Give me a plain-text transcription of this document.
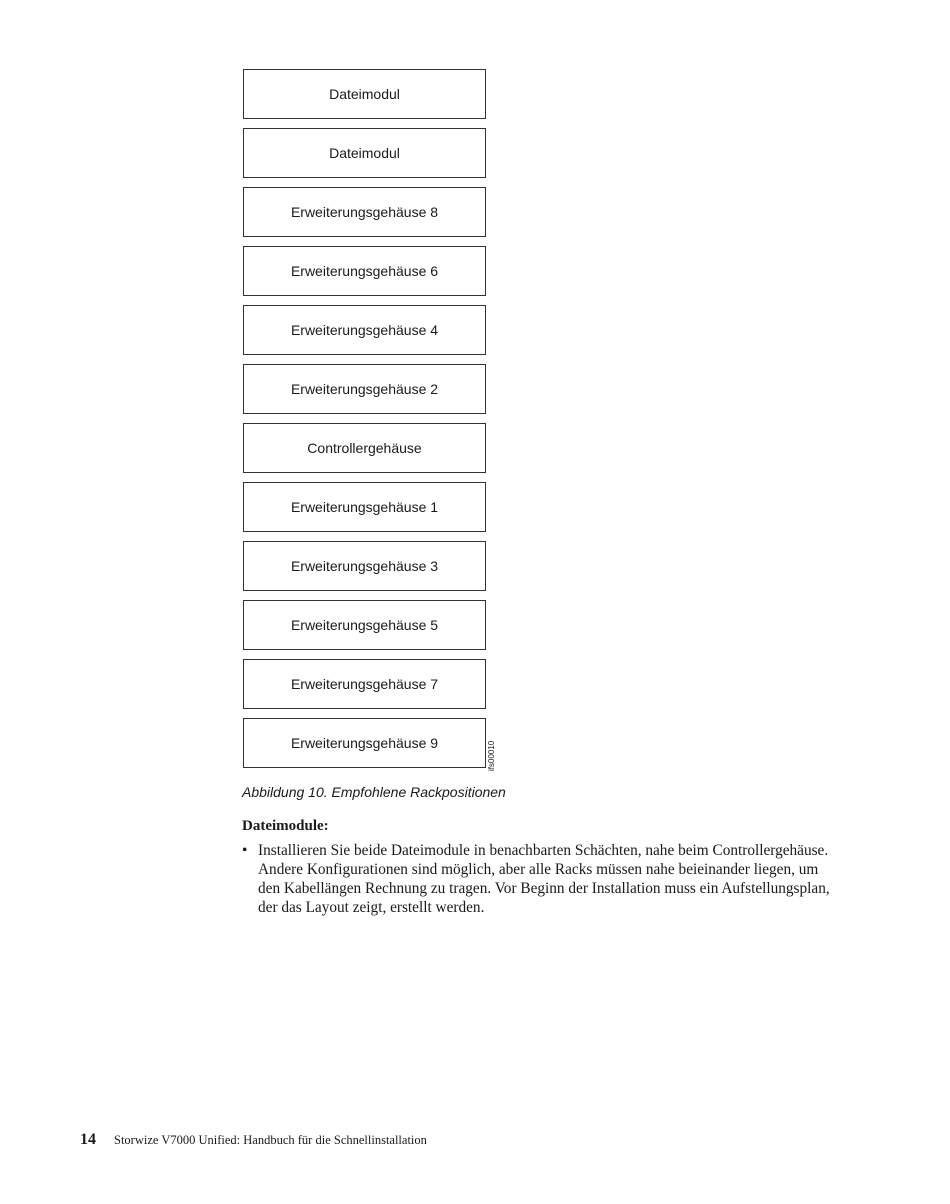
Dateimodul
Dateimodul
Erweiterungsgehäuse 8
Erweiterungsgehäuse 6
Erweiterungsgehäuse 4
Erweiterungsgehäuse 2
Controllergehäuse
Erweiterungsgehäuse 1
Erweiterungsgehäuse 3
Erweiterungsgehäuse 5
Erweiterungsgehäuse 7
Erweiterungsgehäuse 9	ifs00010
Abbildung 10. Empfohlene Rackpositionen
Dateimodule:
• Installieren Sie beide Dateimodule in benachbarten Schächten, nahe beim Controllergehäuse. Andere Konfigurationen sind möglich, aber alle Racks müssen nahe beieinander liegen, um den Kabellängen Rechnung zu tragen. Vor Beginn der Installation muss ein Aufstellungsplan, der das Layout zeigt, erstellt werden.
14 Storwize V7000 Unified: Handbuch für die Schnellinstallation
